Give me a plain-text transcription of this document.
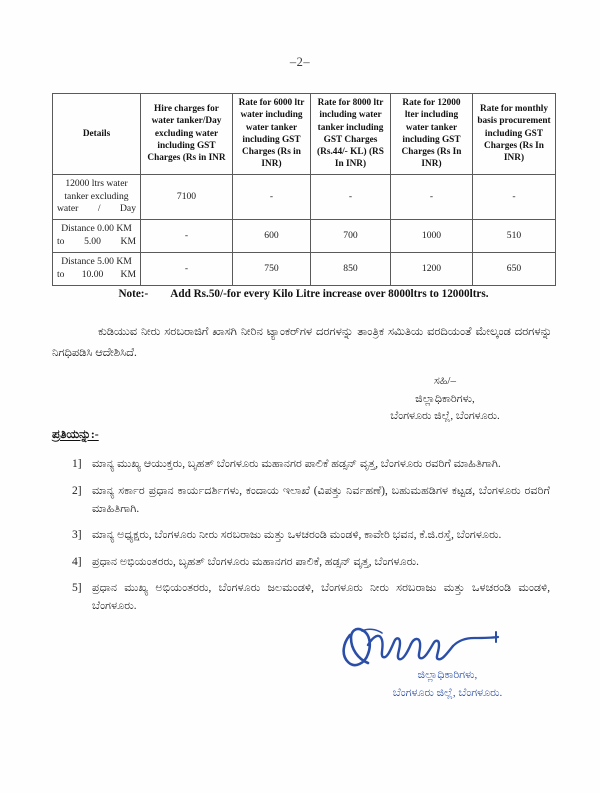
–2–
Details	Hire charges for water tanker/Day excluding water including GST Charges (Rs in INR	Rate for 6000 ltr water including water tanker including GST Charges (Rs in INR)	Rate for 8000 ltr including water tanker including GST Charges (Rs.44/- KL) (RS In INR)	Rate for 12000 lter including water tanker including GST Charges (Rs In INR)	Rate for monthly basis procurement including GST Charges (Rs In INR)
12000 ltrs water tanker excluding water / Day	7100	-	-	-	-
Distance 0.00 KM to 5.00 KM	-	600	700	1000	510
Distance 5.00 KM to 10.00 KM	-	750	850	1200	650
Note:- Add Rs.50/-for every Kilo Litre increase over 8000ltrs to 12000ltrs.
ಕುಡಿಯುವ ನೀರು ಸರಬರಾಜಿಗೆ ಖಾಸಗಿ ನೀರಿನ ಟ್ಯಾಂಕರ್‌ಗಳ ದರಗಳನ್ನು ತಾಂತ್ರಿಕ ಸಮಿತಿಯ ವರದಿಯಂತೆ ಮೇಲ್ಕಂಡ ದರಗಳನ್ನು ನಿಗಧಿಪಡಿಸಿ ಆದೇಶಿಸಿದೆ.
ಸಹಿ/–
ಜಿಲ್ಲಾಧಿಕಾರಿಗಳು,
ಬೆಂಗಳೂರು ಜಿಲ್ಲೆ, ಬೆಂಗಳೂರು.
ಪ್ರತಿಯನ್ನು:-
1] ಮಾನ್ಯ ಮುಖ್ಯ ಆಯುಕ್ತರು, ಬೃಹತ್ ಬೆಂಗಳೂರು ಮಹಾನಗರ ಪಾಲಿಕೆ ಹಡ್ಸನ್ ವೃತ್ತ, ಬೆಂಗಳೂರು ರವರಿಗೆ ಮಾಹಿತಿಗಾಗಿ.
2] ಮಾನ್ಯ ಸರ್ಕಾರ ಪ್ರಧಾನ ಕಾರ್ಯದರ್ಶಿಗಳು, ಕಂದಾಯ ಇಲಾಖೆ (ವಿಪತ್ತು ನಿರ್ವಹಣೆ), ಬಹುಮಹಡಿಗಳ ಕಟ್ಟಡ, ಬೆಂಗಳೂರು ರವರಿಗೆ ಮಾಹಿತಿಗಾಗಿ.
3] ಮಾನ್ಯ ಅಧ್ಯಕ್ಷರು, ಬೆಂಗಳೂರು ನೀರು ಸರಬರಾಜು ಮತ್ತು ಒಳಚರಂಡಿ ಮಂಡಳಿ, ಕಾವೇರಿ ಭವನ, ಕೆ.ಜಿ.ರಸ್ತೆ, ಬೆಂಗಳೂರು.
4] ಪ್ರಧಾನ ಅಭಿಯಂತರರು, ಬೃಹತ್ ಬೆಂಗಳೂರು ಮಹಾನಗರ ಪಾಲಿಕೆ, ಹಡ್ಸನ್ ವೃತ್ತ, ಬೆಂಗಳೂರು.
5] ಪ್ರಧಾನ ಮುಖ್ಯ ಅಭಿಯಂತರರು, ಬೆಂಗಳೂರು ಜಲಮಂಡಳಿ, ಬೆಂಗಳೂರು ನೀರು ಸರಬರಾಜು ಮತ್ತು ಒಳಚರಂಡಿ ಮಂಡಳಿ, ಬೆಂಗಳೂರು.
ಜಿಲ್ಲಾಧಿಕಾರಿಗಳು,
ಬೆಂಗಳೂರು ಜಿಲ್ಲೆ, ಬೆಂಗಳೂರು.
